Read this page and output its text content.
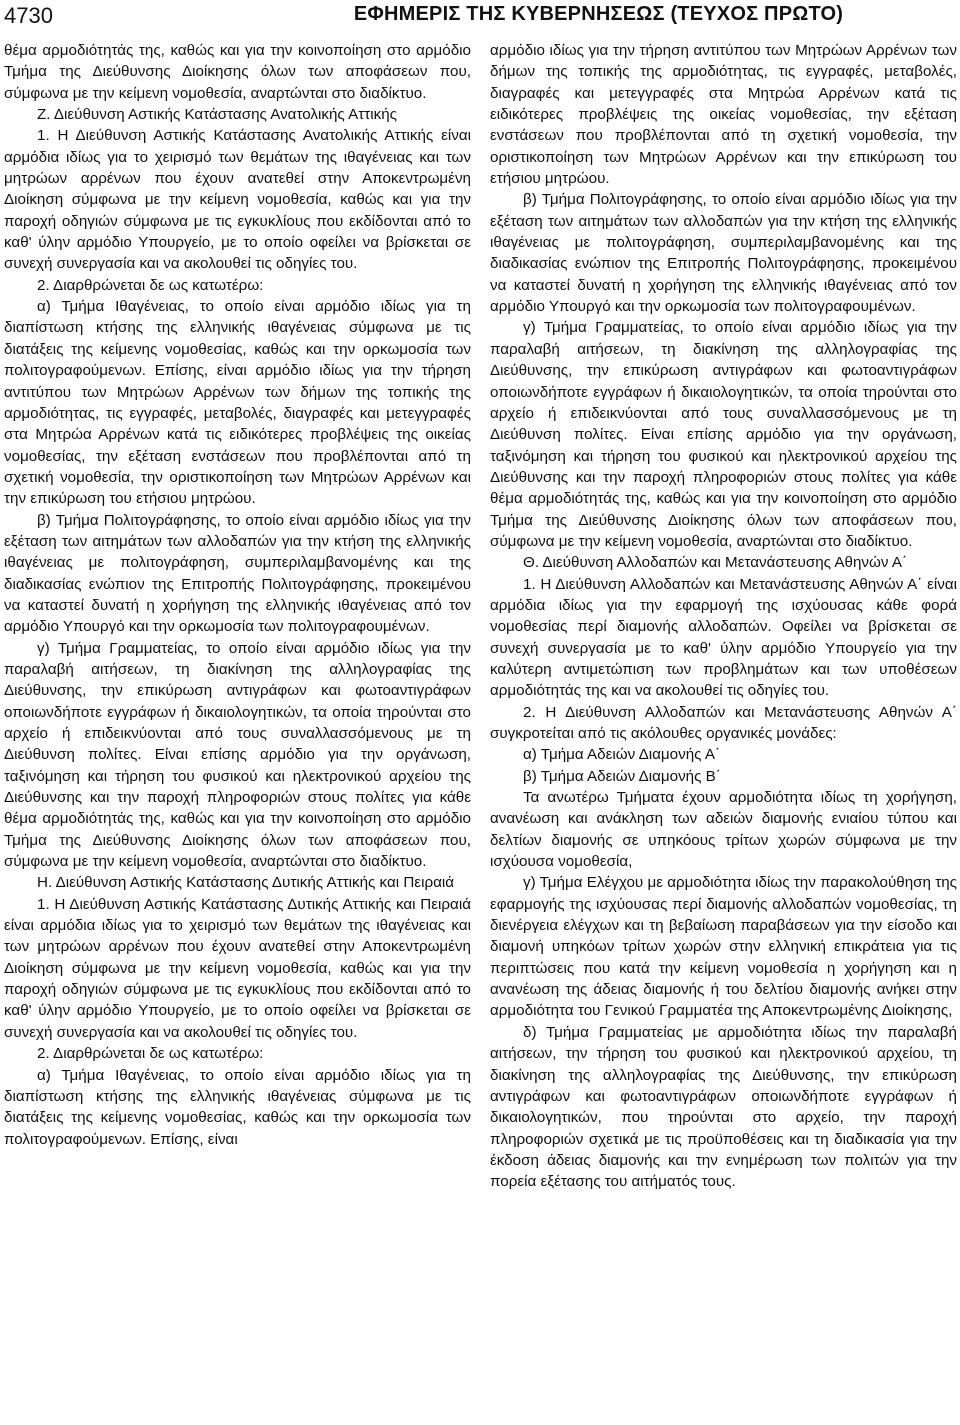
4730	ΕΦΗΜΕΡΙΣ ΤΗΣ ΚΥΒΕΡΝΗΣΕΩΣ (ΤΕΥΧΟΣ ΠΡΩΤΟ)

θέμα αρμοδιότητάς της, καθώς και για την κοινοποίηση στο αρμόδιο Τμήμα της Διεύθυνσης Διοίκησης όλων των αποφάσεων που, σύμφωνα με την κείμενη νομοθεσία, αναρτώνται στο διαδίκτυο.

Ζ. Διεύθυνση Αστικής Κατάστασης Ανατολικής Αττικής

1. Η Διεύθυνση Αστικής Κατάστασης Ανατολικής Αττικής είναι αρμόδια ιδίως για το χειρισμό των θεμάτων της ιθαγένειας και των μητρώων αρρένων που έχουν ανατεθεί στην Αποκεντρωμένη Διοίκηση σύμφωνα με την κείμενη νομοθεσία, καθώς και για την παροχή οδηγιών σύμφωνα με τις εγκυκλίους που εκδίδονται από το καθ' ύλην αρμόδιο Υπουργείο, με το οποίο οφείλει να βρίσκεται σε συνεχή συνεργασία και να ακολουθεί τις οδηγίες του.

2. Διαρθρώνεται δε ως κατωτέρω:

α) Τμήμα Ιθαγένειας, το οποίο είναι αρμόδιο ιδίως για τη διαπίστωση κτήσης της ελληνικής ιθαγένειας σύμφωνα με τις διατάξεις της κείμενης νομοθεσίας, καθώς και την ορκωμοσία των πολιτογραφούμενων. Επίσης, είναι αρμόδιο ιδίως για την τήρηση αντιτύπου των Μητρώων Αρρένων των δήμων της τοπικής της αρμοδιότητας, τις εγγραφές, μεταβολές, διαγραφές και μετεγγραφές στα Μητρώα Αρρένων κατά τις ειδικότερες προβλέψεις της οικείας νομοθεσίας, την εξέταση ενστάσεων που προβλέπονται από τη σχετική νομοθεσία, την οριστικοποίηση των Μητρώων Αρρένων και την επικύρωση του ετήσιου μητρώου.

β) Τμήμα Πολιτογράφησης, το οποίο είναι αρμόδιο ιδίως για την εξέταση των αιτημάτων των αλλοδαπών για την κτήση της ελληνικής ιθαγένειας με πολιτογράφηση, συμπεριλαμβανομένης και της διαδικασίας ενώπιον της Επιτροπής Πολιτογράφησης, προκειμένου να καταστεί δυνατή η χορήγηση της ελληνικής ιθαγένειας από τον αρμόδιο Υπουργό και την ορκωμοσία των πολιτογραφουμένων.

γ) Τμήμα Γραμματείας, το οποίο είναι αρμόδιο ιδίως για την παραλαβή αιτήσεων, τη διακίνηση της αλληλογραφίας της Διεύθυνσης, την επικύρωση αντιγράφων και φωτοαντιγράφων οποιωνδήποτε εγγράφων ή δικαιολογητικών, τα οποία τηρούνται στο αρχείο ή επιδεικνύονται από τους συναλλασσόμενους με τη Διεύθυνση πολίτες. Είναι επίσης αρμόδιο για την οργάνωση, ταξινόμηση και τήρηση του φυσικού και ηλεκτρονικού αρχείου της Διεύθυνσης και την παροχή πληροφοριών στους πολίτες για κάθε θέμα αρμοδιότητάς της, καθώς και για την κοινοποίηση στο αρμόδιο Τμήμα της Διεύθυνσης Διοίκησης όλων των αποφάσεων που, σύμφωνα με την κείμενη νομοθεσία, αναρτώνται στο διαδίκτυο.

Η. Διεύθυνση Αστικής Κατάστασης Δυτικής Αττικής και Πειραιά

1. Η Διεύθυνση Αστικής Κατάστασης Δυτικής Αττικής και Πειραιά είναι αρμόδια ιδίως για το χειρισμό των θεμάτων της ιθαγένειας και των μητρώων αρρένων που έχουν ανατεθεί στην Αποκεντρωμένη Διοίκηση σύμφωνα με την κείμενη νομοθεσία, καθώς και για την παροχή οδηγιών σύμφωνα με τις εγκυκλίους που εκδίδονται από το καθ' ύλην αρμόδιο Υπουργείο, με το οποίο οφείλει να βρίσκεται σε συνεχή συνεργασία και να ακολουθεί τις οδηγίες του.

2. Διαρθρώνεται δε ως κατωτέρω:

α) Τμήμα Ιθαγένειας, το οποίο είναι αρμόδιο ιδίως για τη διαπίστωση κτήσης της ελληνικής ιθαγένειας σύμφωνα με τις διατάξεις της κείμενης νομοθεσίας, καθώς και την ορκωμοσία των πολιτογραφούμενων. Επίσης, είναι

αρμόδιο ιδίως για την τήρηση αντιτύπου των Μητρώων Αρρένων των δήμων της τοπικής της αρμοδιότητας, τις εγγραφές, μεταβολές, διαγραφές και μετεγγραφές στα Μητρώα Αρρένων κατά τις ειδικότερες προβλέψεις της οικείας νομοθεσίας, την εξέταση ενστάσεων που προβλέπονται από τη σχετική νομοθεσία, την οριστικοποίηση των Μητρώων Αρρένων και την επικύρωση του ετήσιου μητρώου.

β) Τμήμα Πολιτογράφησης, το οποίο είναι αρμόδιο ιδίως για την εξέταση των αιτημάτων των αλλοδαπών για την κτήση της ελληνικής ιθαγένειας με πολιτογράφηση, συμπεριλαμβανομένης και της διαδικασίας ενώπιον της Επιτροπής Πολιτογράφησης, προκειμένου να καταστεί δυνατή η χορήγηση της ελληνικής ιθαγένειας από τον αρμόδιο Υπουργό και την ορκωμοσία των πολιτογραφουμένων.

γ) Τμήμα Γραμματείας, το οποίο είναι αρμόδιο ιδίως για την παραλαβή αιτήσεων, τη διακίνηση της αλληλογραφίας της Διεύθυνσης, την επικύρωση αντιγράφων και φωτοαντιγράφων οποιωνδήποτε εγγράφων ή δικαιολογητικών, τα οποία τηρούνται στο αρχείο ή επιδεικνύονται από τους συναλλασσόμενους με τη Διεύθυνση πολίτες. Είναι επίσης αρμόδιο για την οργάνωση, ταξινόμηση και τήρηση του φυσικού και ηλεκτρονικού αρχείου της Διεύθυνσης και την παροχή πληροφοριών στους πολίτες για κάθε θέμα αρμοδιότητάς της, καθώς και για την κοινοποίηση στο αρμόδιο Τμήμα της Διεύθυνσης Διοίκησης όλων των αποφάσεων που, σύμφωνα με την κείμενη νομοθεσία, αναρτώνται στο διαδίκτυο.

Θ. Διεύθυνση Αλλοδαπών και Μετανάστευσης Αθηνών Α΄

1. Η Διεύθυνση Αλλοδαπών και Μετανάστευσης Αθηνών Α΄ είναι αρμόδια ιδίως για την εφαρμογή της ισχύουσας κάθε φορά νομοθεσίας περί διαμονής αλλοδαπών. Οφείλει να βρίσκεται σε συνεχή συνεργασία με το καθ' ύλην αρμόδιο Υπουργείο για την καλύτερη αντιμετώπιση των προβλημάτων και των υποθέσεων αρμοδιότητάς της και να ακολουθεί τις οδηγίες του.

2. Η Διεύθυνση Αλλοδαπών και Μετανάστευσης Αθηνών Α΄ συγκροτείται από τις ακόλουθες οργανικές μονάδες:

α) Τμήμα Αδειών Διαμονής Α΄

β) Τμήμα Αδειών Διαμονής Β΄

Τα ανωτέρω Τμήματα έχουν αρμοδιότητα ιδίως τη χορήγηση, ανανέωση και ανάκληση των αδειών διαμονής ενιαίου τύπου και δελτίων διαμονής σε υπηκόους τρίτων χωρών σύμφωνα με την ισχύουσα νομοθεσία,

γ) Τμήμα Ελέγχου με αρμοδιότητα ιδίως την παρακολούθηση της εφαρμογής της ισχύουσας περί διαμονής αλλοδαπών νομοθεσίας, τη διενέργεια ελέγχων και τη βεβαίωση παραβάσεων για την είσοδο και διαμονή υπηκόων τρίτων χωρών στην ελληνική επικράτεια για τις περιπτώσεις που κατά την κείμενη νομοθεσία η χορήγηση και η ανανέωση της άδειας διαμονής ή του δελτίου διαμονής ανήκει στην αρμοδιότητα του Γενικού Γραμματέα της Αποκεντρωμένης Διοίκησης,

δ) Τμήμα Γραμματείας με αρμοδιότητα ιδίως την παραλαβή αιτήσεων, την τήρηση του φυσικού και ηλεκτρονικού αρχείου, τη διακίνηση της αλληλογραφίας της Διεύθυνσης, την επικύρωση αντιγράφων και φωτοαντιγράφων οποιωνδήποτε εγγράφων ή δικαιολογητικών, που τηρούνται στο αρχείο, την παροχή πληροφοριών σχετικά με τις προϋποθέσεις και τη διαδικασία για την έκδοση άδειας διαμονής και την ενημέρωση των πολιτών για την πορεία εξέτασης του αιτήματός τους.
